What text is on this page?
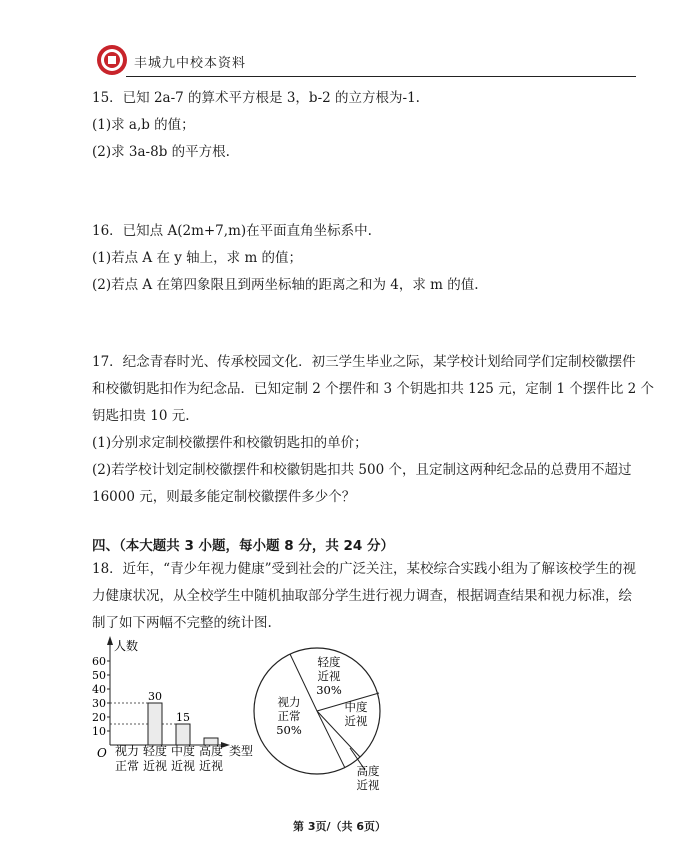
丰城九中校本资料
15．已知 2a-7 的算术平方根是 3，b-2 的立方根为-1.
(1)求 a,b 的值；
(2)求 3a-8b 的平方根.
16．已知点 A(2m+7,m)在平面直角坐标系中.
(1)若点 A 在 y 轴上，求 m 的值；
(2)若点 A 在第四象限且到两坐标轴的距离之和为 4，求 m 的值.
17．纪念青春时光、传承校园文化．初三学生毕业之际，某学校计划给同学们定制校徽摆件
和校徽钥匙扣作为纪念品．已知定制 2 个摆件和 3 个钥匙扣共 125 元，定制 1 个摆件比 2 个
钥匙扣贵 10 元.
(1)分别求定制校徽摆件和校徽钥匙扣的单价；
(2)若学校计划定制校徽摆件和校徽钥匙扣共 500 个，且定制这两种纪念品的总费用不超过
16000 元，则最多能定制校徽摆件多少个？
四、（本大题共 3 小题，每小题 8 分，共 24 分）
18．近年，“青少年视力健康”受到社会的广泛关注，某校综合实践小组为了解该校学生的视
力健康状况，从全校学生中随机抽取部分学生进行视力调查，根据调查结果和视力标准，绘
制了如下两幅不完整的统计图.
人数
类型
O
10
20
30
40
50
60
30
15
视力
正常
轻度
近视
中度
近视
高度
近视
轻度
近视
30%
中度
近视
高度
近视
视力
正常
50%
第 3页/（共 6页）
